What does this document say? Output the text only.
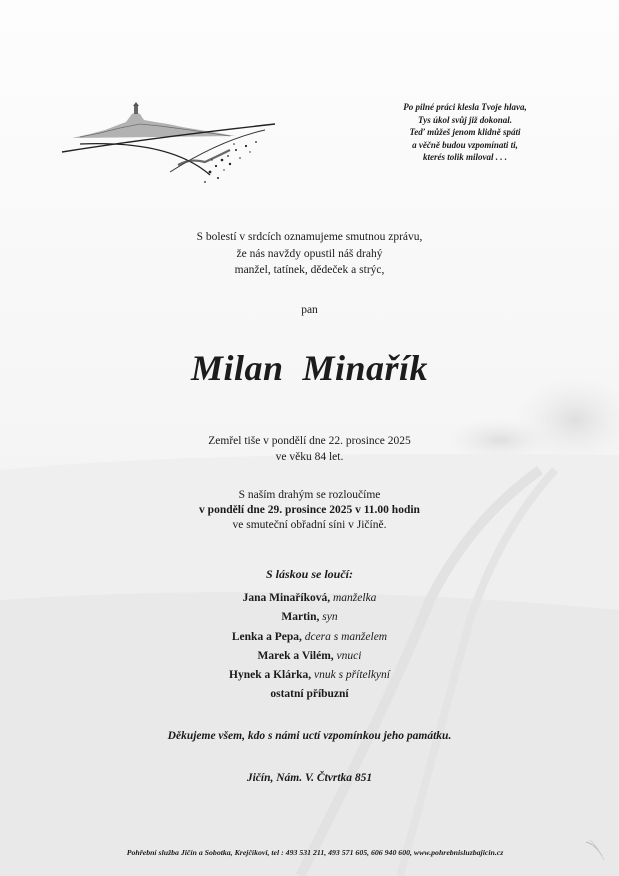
Po pilné práci klesla Tvoje hlava,
Tys úkol svůj již dokonal.
Teď můžeš jenom klidně spáti
a věčně budou vzpomínati ti,
kterés tolik miloval . . .
S bolestí v srdcích oznamujeme smutnou zprávu,
že nás navždy opustil náš drahý
manžel, tatínek, dědeček a strýc,
pan
Milan  Minařík
Zemřel tiše v pondělí dne 22. prosince 2025
ve věku 84 let.
S naším drahým se rozloučíme
v pondělí dne 29. prosince 2025 v 11.00 hodin
ve smuteční obřadní síni v Jičíně.
S láskou se loučí:
Jana Minaříková, manželka
Martin, syn
Lenka a Pepa, dcera s manželem
Marek a Vilém, vnuci
Hynek a Klárka, vnuk s přítelkyní
ostatní příbuzní
Děkujeme všem, kdo s námi uctí vzpomínkou jeho památku.
Jičín, Nám. V. Čtvrtka 851
Pohřební služba Jičín a Sobotka, Krejčíkovi, tel : 493 531 211, 493 571 605, 606 940 600, www.pohrebnisluzbajicin.cz
